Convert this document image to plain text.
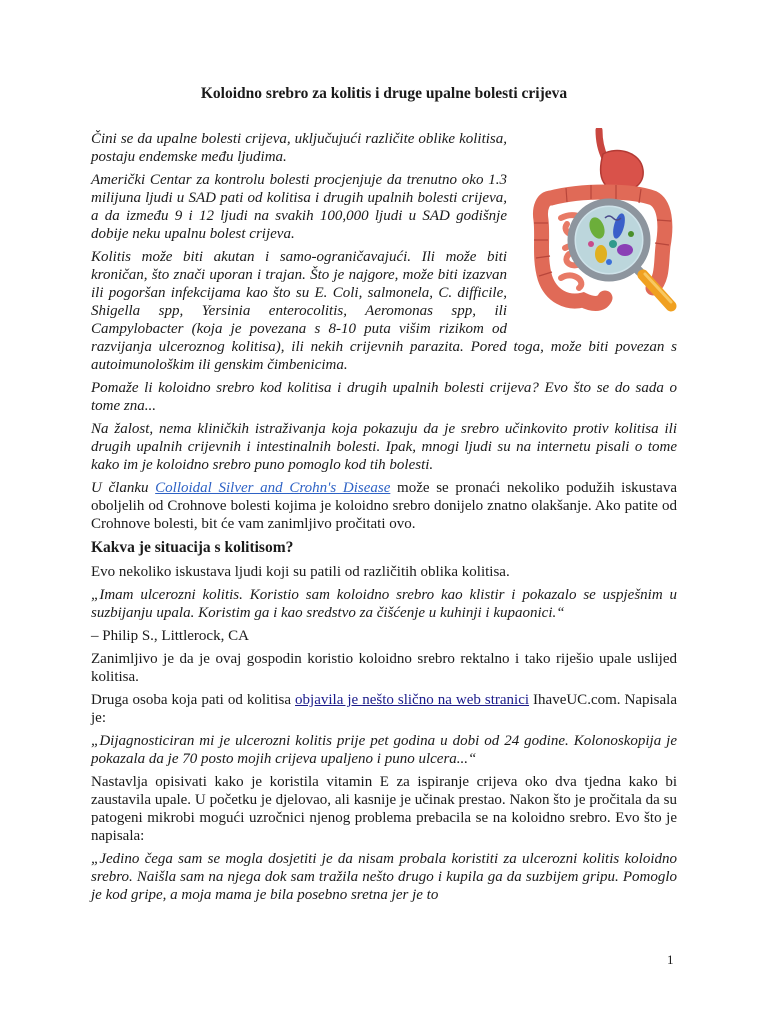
Koloidno srebro za kolitis i druge upalne bolesti crijeva

Čini se da upalne bolesti crijeva, uključujući različite oblike kolitisa, postaju endemske među ljudima.

Američki Centar za kontrolu bolesti procjenjuje da trenutno oko 1.3 milijuna ljudi u SAD pati od kolitisa i drugih upalnih bolesti crijeva, a da između 9 i 12 ljudi na svakih 100,000 ljudi u SAD godišnje dobije neku upalnu bolest crijeva.

Kolitis može biti akutan i samo-ograničavajući. Ili može biti kroničan, što znači uporan i trajan. Što je najgore, može biti izazvan ili pogoršan infekcijama kao što su E. Coli, salmonela, C. difficile, Shigella spp, Yersinia enterocolitis, Aeromonas spp, ili Campylobacter (koja je povezana s 8-10 puta višim rizikom od razvijanja ulceroznog kolitisa), ili nekih crijevnih parazita. Pored toga, može biti povezan s autoimunološkim ili genskim čimbenicima.

Pomaže li koloidno srebro kod kolitisa i drugih upalnih bolesti crijeva? Evo što se do sada o tome zna...

Na žalost, nema kliničkih istraživanja koja pokazuju da je srebro učinkovito protiv kolitisa ili drugih upalnih crijevnih i intestinalnih bolesti. Ipak, mnogi ljudi su na internetu pisali o tome kako im je koloidno srebro puno pomoglo kod tih bolesti.

U članku Colloidal Silver and Crohn's Disease može se pronaći nekoliko podužih iskustava oboljelih od Crohnove bolesti kojima je koloidno srebro donijelo znatno olakšanje. Ako patite od Crohnove bolesti, bit će vam zanimljivo pročitati ovo.

Kakva je situacija s kolitisom?

Evo nekoliko iskustava ljudi koji su patili od različitih oblika kolitisa.

„Imam ulcerozni kolitis. Koristio sam koloidno srebro kao klistir i pokazalo se uspješnim u suzbijanju upala. Koristim ga i kao sredstvo za čišćenje u kuhinji i kupaonici.“

– Philip S., Littlerock, CA

Zanimljivo je da je ovaj gospodin koristio koloidno srebro rektalno i tako riješio upale uslijed kolitisa.

Druga osoba koja pati od kolitisa objavila je nešto slično na web stranici IhaveUC.com. Napisala je:

„Dijagnosticiran mi je ulcerozni kolitis prije pet godina u dobi od 24 godine. Kolonoskopija je pokazala da je 70 posto mojih crijeva upaljeno i puno ulcera...“

Nastavlja opisivati kako je koristila vitamin E za ispiranje crijeva oko dva tjedna kako bi zaustavila upale. U početku je djelovao, ali kasnije je učinak prestao. Nakon što je pročitala da su patogeni mikrobi mogući uzročnici njenog problema prebacila se na koloidno srebro. Evo što je napisala:

„Jedino čega sam se mogla dosjetiti je da nisam probala koristiti za ulcerozni kolitis koloidno srebro. Naišla sam na njega dok sam tražila nešto drugo i kupila ga da suzbijem gripu. Pomoglo je kod gripe, a moja mama je bila posebno sretna jer je to

1
